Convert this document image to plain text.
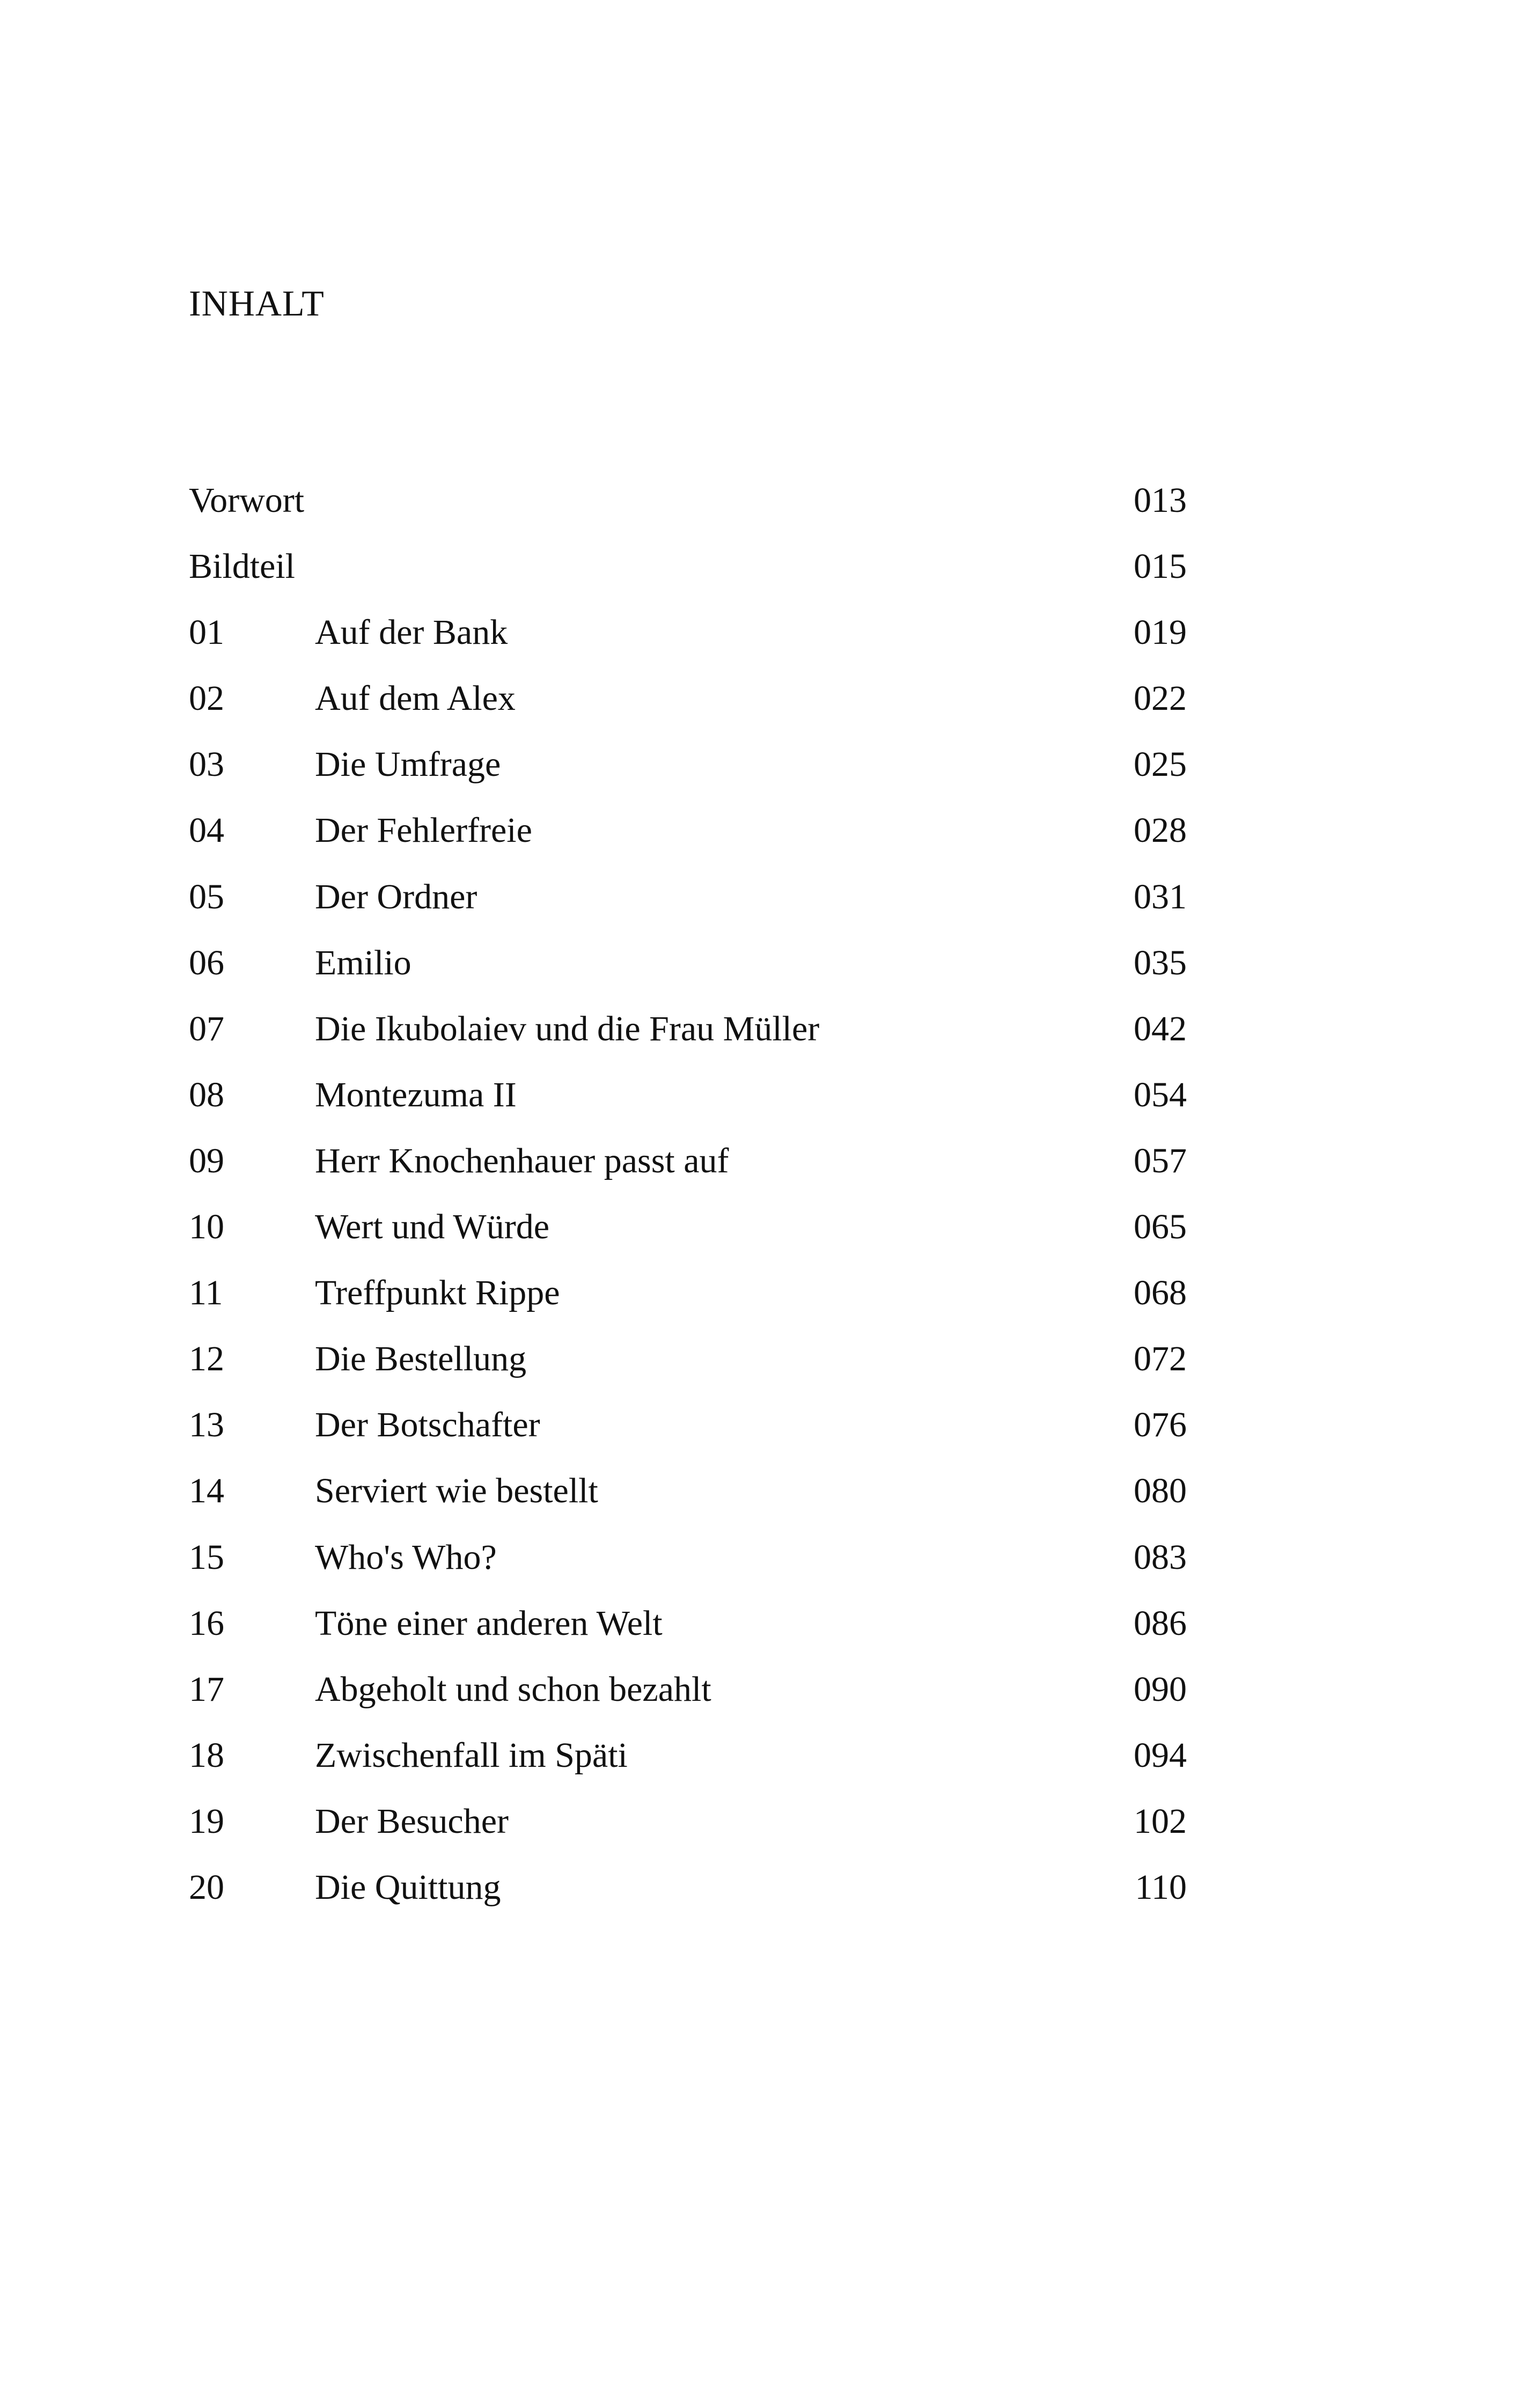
INHALT
Vorwort	013
Bildteil	015
01	Auf der Bank	019
02	Auf dem Alex	022
03	Die Umfrage	025
04	Der Fehlerfreie	028
05	Der Ordner	031
06	Emilio	035
07	Die Ikubolaiev und die Frau Müller	042
08	Montezuma II	054
09	Herr Knochenhauer passt auf	057
10	Wert und Würde	065
11	Treffpunkt Rippe	068
12	Die Bestellung	072
13	Der Botschafter	076
14	Serviert wie bestellt	080
15	Who's Who?	083
16	Töne einer anderen Welt	086
17	Abgeholt und schon bezahlt	090
18	Zwischenfall im Späti	094
19	Der Besucher	102
20	Die Quittung	110
